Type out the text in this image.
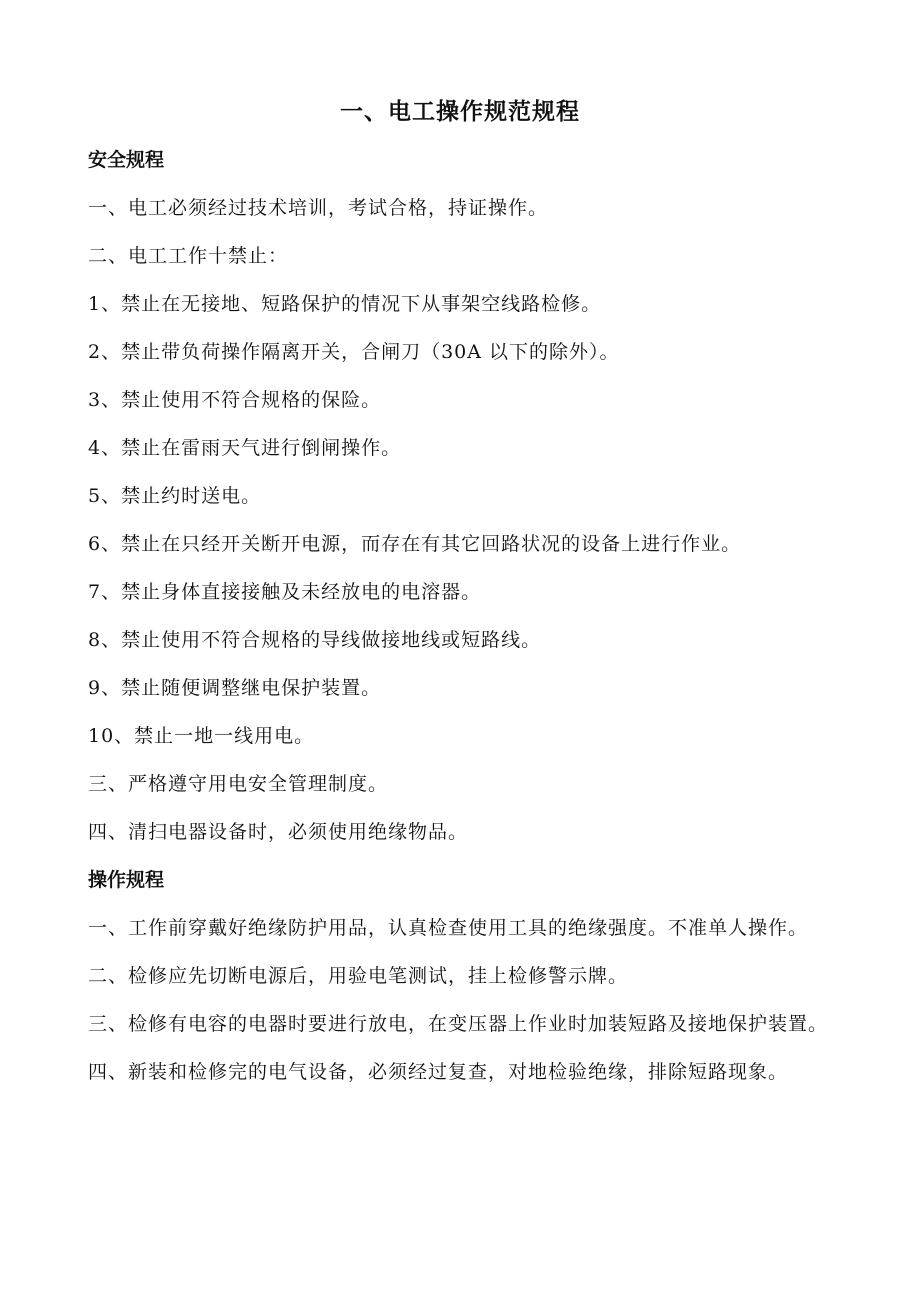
一、电工操作规范规程
安全规程
一、电工必须经过技术培训，考试合格，持证操作。
二、电工工作十禁止：
1、禁止在无接地、短路保护的情况下从事架空线路检修。
2、禁止带负荷操作隔离开关，合闸刀（30A 以下的除外）。
3、禁止使用不符合规格的保险。
4、禁止在雷雨天气进行倒闸操作。
5、禁止约时送电。
6、禁止在只经开关断开电源，而存在有其它回路状况的设备上进行作业。
7、禁止身体直接接触及未经放电的电溶器。
8、禁止使用不符合规格的导线做接地线或短路线。
9、禁止随便调整继电保护装置。
10、禁止一地一线用电。
三、严格遵守用电安全管理制度。
四、清扫电器设备时，必须使用绝缘物品。
操作规程
一、工作前穿戴好绝缘防护用品，认真检查使用工具的绝缘强度。不准单人操作。
二、检修应先切断电源后，用验电笔测试，挂上检修警示牌。
三、检修有电容的电器时要进行放电，在变压器上作业时加装短路及接地保护装置。
四、新装和检修完的电气设备，必须经过复查，对地检验绝缘，排除短路现象。
